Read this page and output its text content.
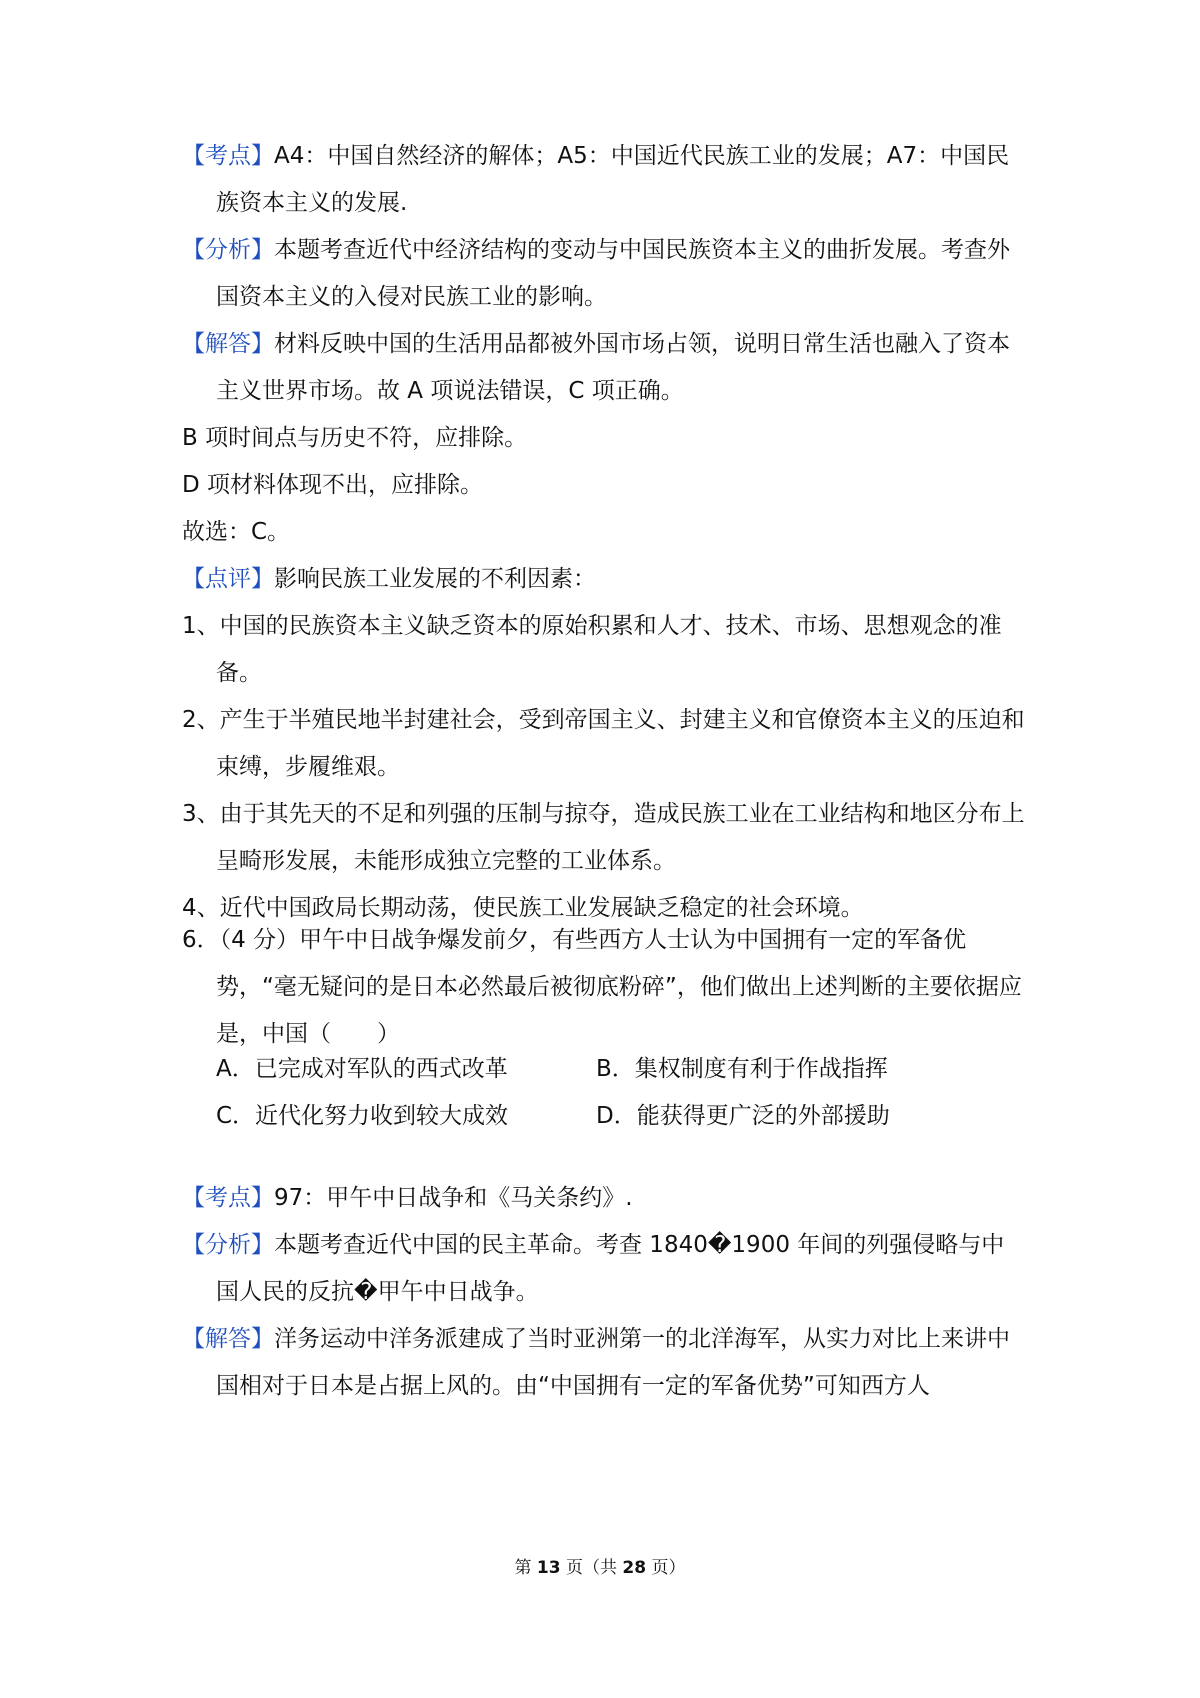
【考点】A4：中国自然经济的解体；A5：中国近代民族工业的发展；A7：中国民族资本主义的发展.

【分析】本题考查近代中经济结构的变动与中国民族资本主义的曲折发展。考查外国资本主义的入侵对民族工业的影响。

【解答】材料反映中国的生活用品都被外国市场占领，说明日常生活也融入了资本主义世界市场。故 A 项说法错误，C 项正确。

B 项时间点与历史不符，应排除。

D 项材料体现不出，应排除。

故选：C。

【点评】影响民族工业发展的不利因素：

1、中国的民族资本主义缺乏资本的原始积累和人才、技术、市场、思想观念的准备。

2、产生于半殖民地半封建社会，受到帝国主义、封建主义和官僚资本主义的压迫和束缚，步履维艰。

3、由于其先天的不足和列强的压制与掠夺，造成民族工业在工业结构和地区分布上呈畸形发展，未能形成独立完整的工业体系。

4、近代中国政局长期动荡，使民族工业发展缺乏稳定的社会环境。

6．（4 分）甲午中日战争爆发前夕，有些西方人士认为中国拥有一定的军备优势，“毫无疑问的是日本必然最后被彻底粉碎”，他们做出上述判断的主要依据应是，中国（　　）

A．已完成对军队的西式改革	B．集权制度有利于作战指挥
C．近代化努力收到较大成效	D．能获得更广泛的外部援助

【考点】97：甲午中日战争和《马关条约》.

【分析】本题考查近代中国的民主革命。考查 1840�1900 年间的列强侵略与中国人民的反抗�甲午中日战争。

【解答】洋务运动中洋务派建成了当时亚洲第一的北洋海军，从实力对比上来讲中国相对于日本是占据上风的。由“中国拥有一定的军备优势”可知西方人

第 13 页（共 28 页）
